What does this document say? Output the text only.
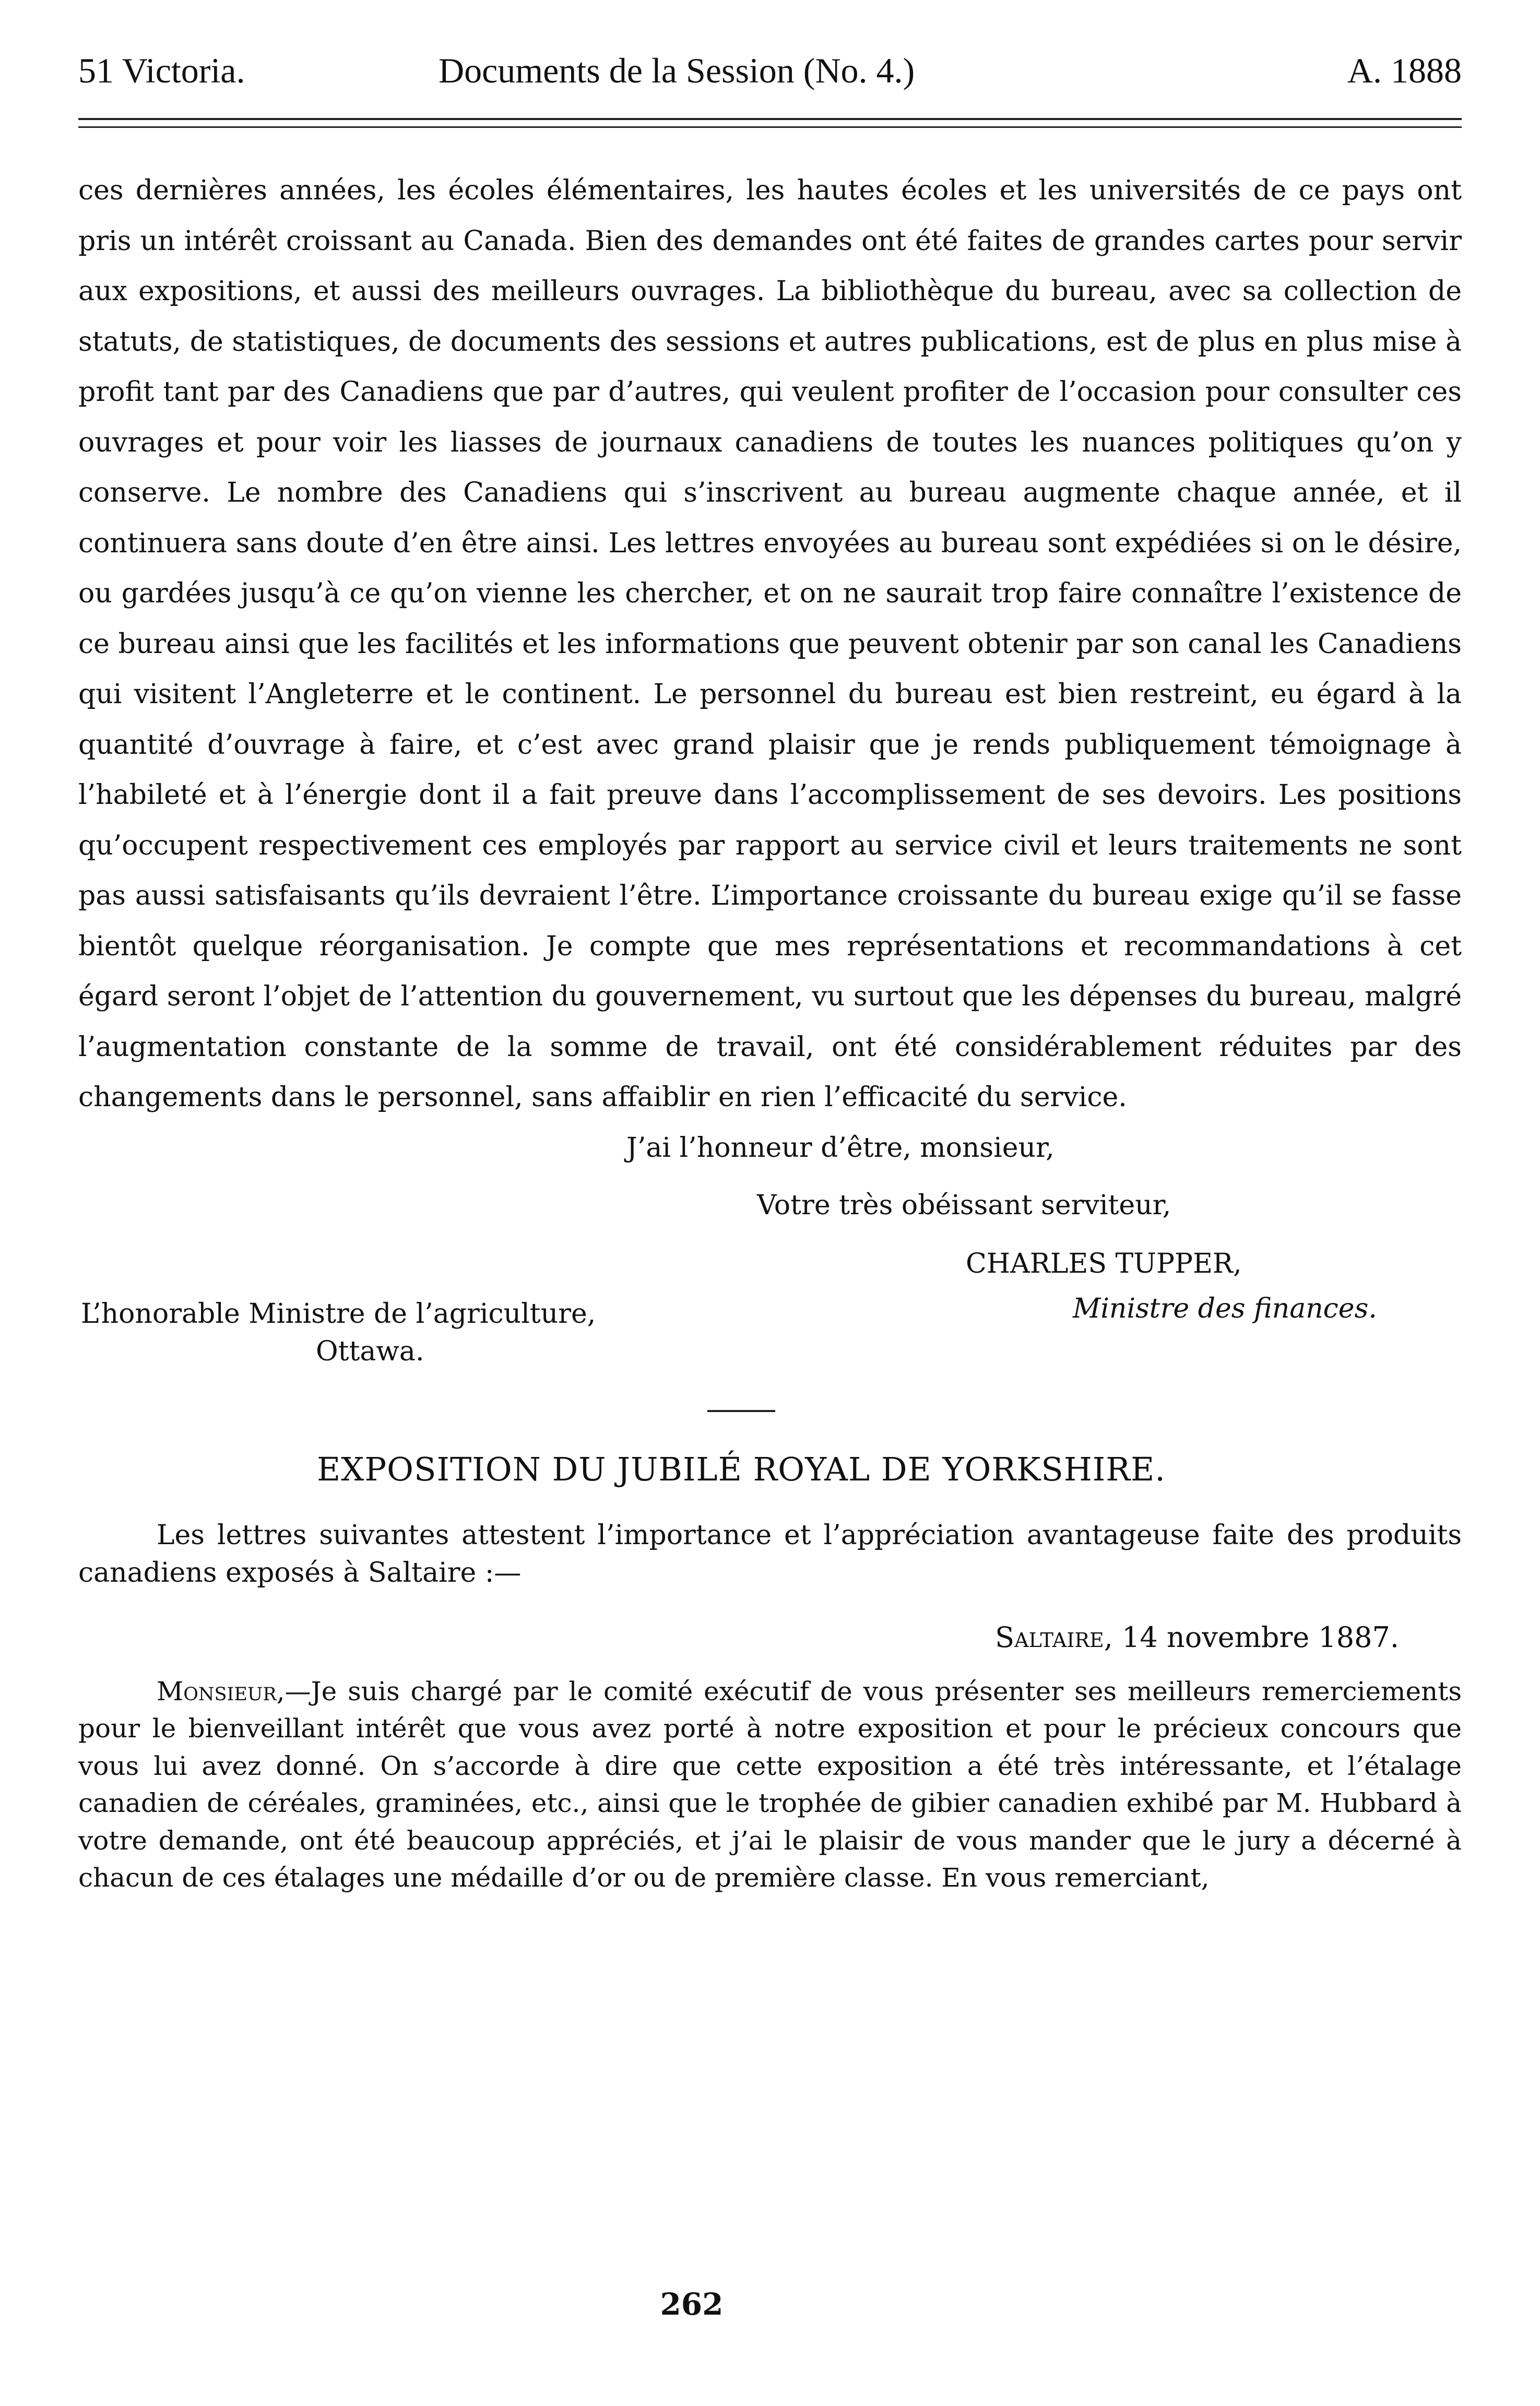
51 Victoria.	Documents de la Session (No. 4.)	A. 1888

ces dernières années, les écoles élémentaires, les hautes écoles et les universités de ce pays ont pris un intérêt croissant au Canada. Bien des demandes ont été faites de grandes cartes pour servir aux expositions, et aussi des meilleurs ouvrages. La bibliothèque du bureau, avec sa collection de statuts, de statistiques, de documents des sessions et autres publications, est de plus en plus mise à profit tant par des Canadiens que par d’autres, qui veulent profiter de l’occasion pour consulter ces ouvrages et pour voir les liasses de journaux canadiens de toutes les nuances politiques qu’on y conserve. Le nombre des Canadiens qui s’inscrivent au bureau augmente chaque année, et il continuera sans doute d’en être ainsi. Les lettres envoyées au bureau sont expédiées si on le désire, ou gardées jusqu’à ce qu’on vienne les chercher, et on ne saurait trop faire connaître l’existence de ce bureau ainsi que les facilités et les informations que peuvent obtenir par son canal les Canadiens qui visitent l’Angleterre et le continent. Le personnel du bureau est bien restreint, eu égard à la quantité d’ouvrage à faire, et c’est avec grand plaisir que je rends publiquement témoignage à l’habileté et à l’énergie dont il a fait preuve dans l’accomplissement de ses devoirs. Les positions qu’occupent respectivement ces employés par rapport au service civil et leurs traitements ne sont pas aussi satisfaisants qu’ils devraient l’être. L’importance croissante du bureau exige qu’il se fasse bientôt quelque réorganisation. Je compte que mes représentations et recommandations à cet égard seront l’objet de l’attention du gouvernement, vu surtout que les dépenses du bureau, malgré l’augmentation constante de la somme de travail, ont été considérablement réduites par des changements dans le personnel, sans affaiblir en rien l’efficacité du service.

J’ai l’honneur d’être, monsieur,
Votre très obéissant serviteur,
CHARLES TUPPER,
Ministre des finances.
L’honorable Ministre de l’agriculture,
Ottawa.
EXPOSITION DU JUBILÉ ROYAL DE YORKSHIRE.
Les lettres suivantes attestent l’importance et l’appréciation avantageuse faite des produits canadiens exposés à Saltaire :—
Saltaire, 14 novembre 1887.
Monsieur,—Je suis chargé par le comité exécutif de vous présenter ses meilleurs remerciements pour le bienveillant intérêt que vous avez porté à notre exposition et pour le précieux concours que vous lui avez donné. On s’accorde à dire que cette exposition a été très intéressante, et l’étalage canadien de céréales, graminées, etc., ainsi que le trophée de gibier canadien exhibé par M. Hubbard à votre demande, ont été beaucoup appréciés, et j’ai le plaisir de vous mander que le jury a décerné à chacun de ces étalages une médaille d’or ou de première classe. En vous remerciant,
262
